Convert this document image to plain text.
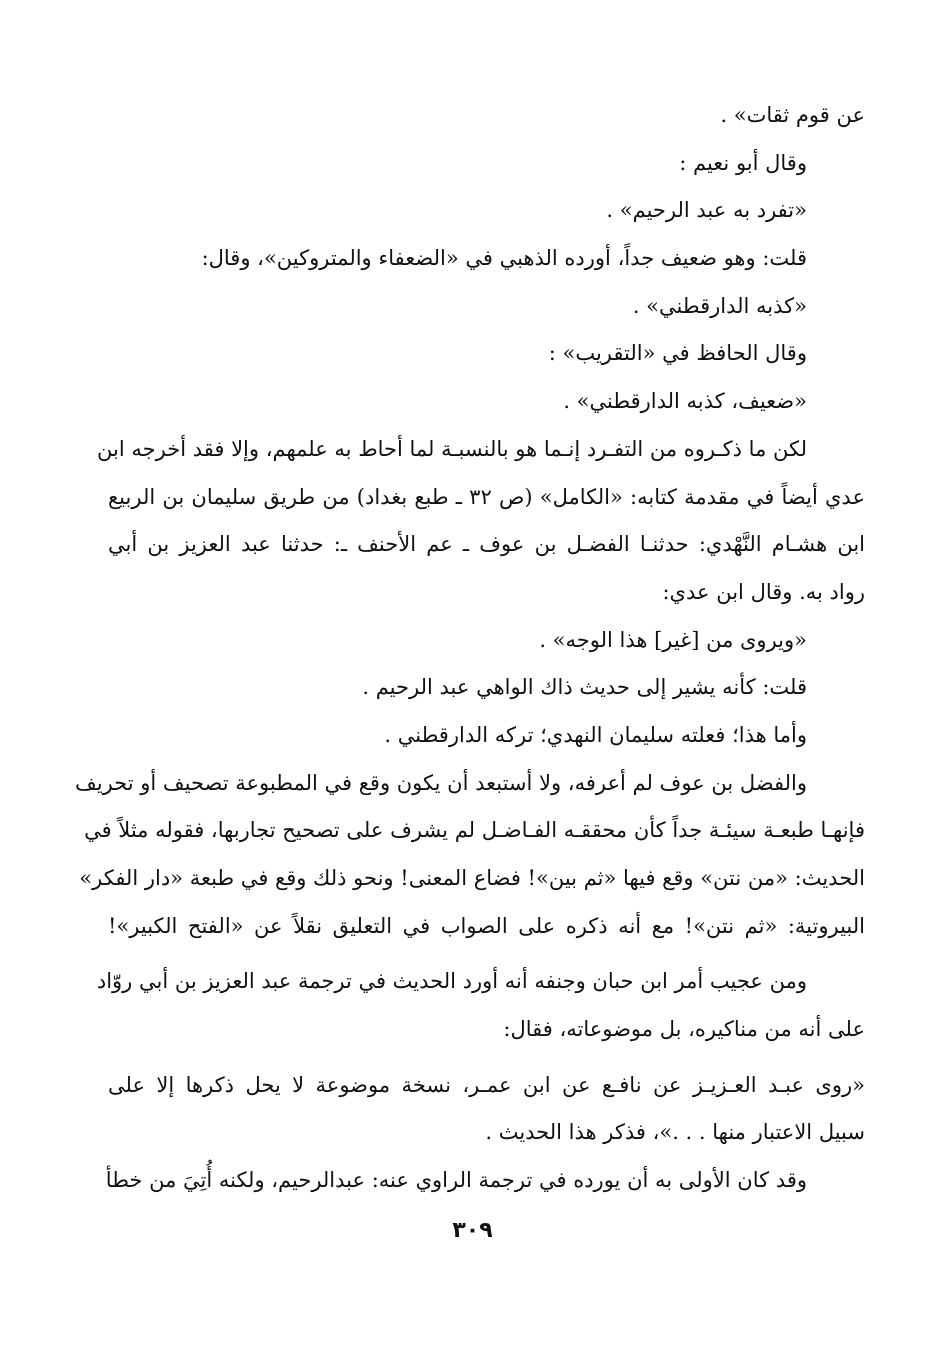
عن قوم ثقات» .
وقال أبو نعيم :
«تفرد به عبد الرحيم» .
قلت: وهو ضعيف جداً، أورده الذهبي في «الضعفاء والمتروكين»، وقال:
«كذبه الدارقطني» .
وقال الحافظ في «التقريب» :
«ضعيف، كذبه الدارقطني» .
لكن ما ذكـروه من التفـرد إنـما هو بالنسبـة لما أحاط به علمهم، وإلا فقد أخرجه ابن
عدي أيضاً في مقدمة كتابه: «الكامل» (ص ٣٢ ـ طبع بغداد) من طريق سليمان بن الربيع
ابن هشـام النَّهْدي: حدثنـا الفضـل بن عوف ـ عم الأحنف ـ: حدثنا عبد العزيز بن أبي
رواد به. وقال ابن عدي:
«ويروى من [غير] هذا الوجه» .
قلت: كأنه يشير إلى حديث ذاك الواهي عبد الرحيم .
وأما هذا؛ فعلته سليمان النهدي؛ تركه الدارقطني .
والفضل بن عوف لم أعرفه، ولا أستبعد أن يكون وقع في المطبوعة تصحيف أو تحريف
فإنهـا طبعـة سيئـة جداً كأن محققـه الفـاضـل لم يشرف على تصحيح تجاربها، فقوله مثلاً في
الحديث: «من نتن» وقع فيها «ثم بين»! فضاع المعنى! ونحو ذلك وقع في طبعة «دار الفكر»
البيروتية: «ثم نتن»! مع أنه ذكره على الصواب في التعليق نقلاً عن «الفتح الكبير»!
ومن عجيب أمر ابن حبان وجنفه أنه أورد الحديث في ترجمة عبد العزيز بن أبي روّاد
على أنه من مناكيره، بل موضوعاته، فقال:
«روى عبـد العـزيـز عن نافـع عن ابن عمـر، نسخة موضوعة لا يحل ذكرها إلا على
سبيل الاعتبار منها . . .»، فذكر هذا الحديث .
وقد كان الأولى به أن يورده في ترجمة الراوي عنه: عبدالرحيم، ولكنه أُتِيَ من خطأ
٣٠٩
